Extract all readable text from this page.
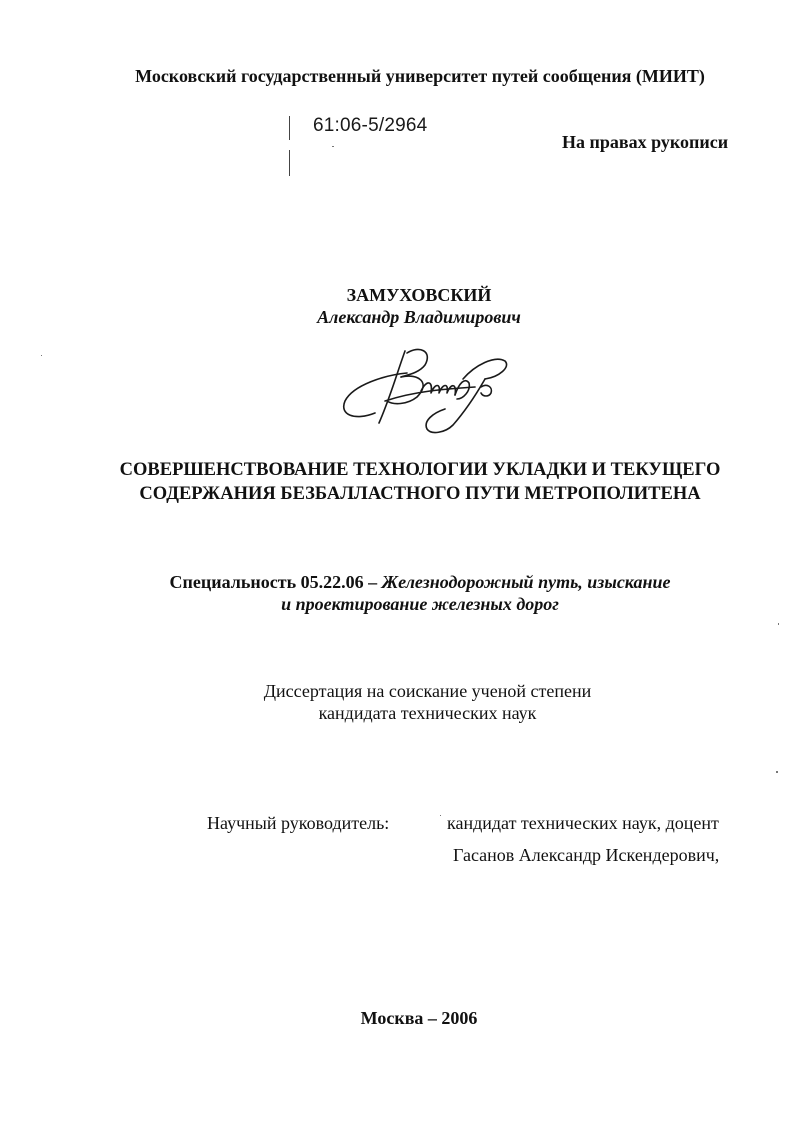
Московский государственный университет путей сообщения (МИИТ)
61:06-5/2964
На правах рукописи
ЗАМУХОВСКИЙ
Александр Владимирович
СОВЕРШЕНСТВОВАНИЕ ТЕХНОЛОГИИ УКЛАДКИ И ТЕКУЩЕГО
СОДЕРЖАНИЯ БЕЗБАЛЛАСТНОГО ПУТИ МЕТРОПОЛИТЕНА
Специальность 05.22.06 – Железнодорожный путь, изыскание
и проектирование железных дорог
Диссертация на соискание ученой степени
кандидата технических наук
Научный руководитель:	кандидат технических наук, доцент
Гасанов Александр Искендерович,
Москва – 2006
